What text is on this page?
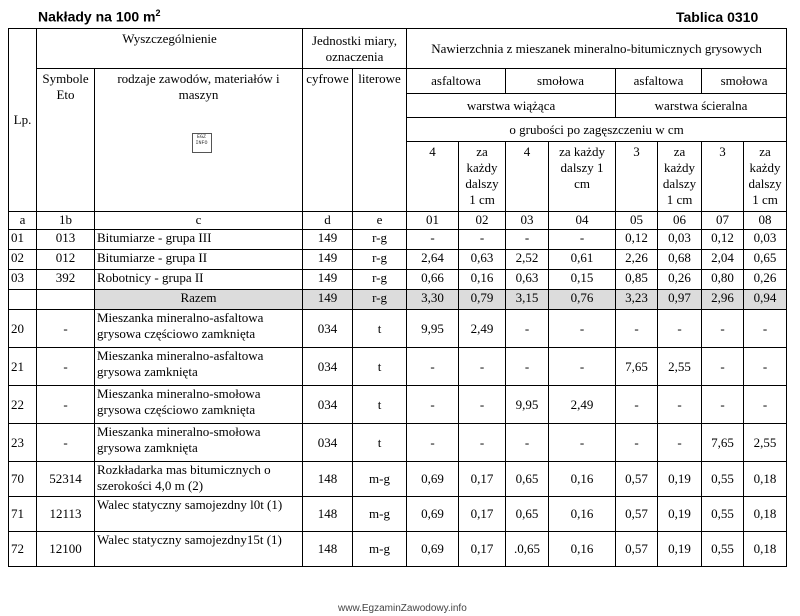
Nakłady na 100 $m^2$	Tablica 0310
Lp.	Wyszczególnienie		Jednostki miary, oznaczenia		Nawierzchnia z mieszanek mineralno-bitumicznych grysowych							
	Symbole Eto	rodzaje zawodów, materiałów i maszyn
EGZ INFO	cyfrowe	literowe	asfaltowa		smołowa		asfaltowa		smołowa	
					warstwa wiążąca				warstwa ścieralna			
					o grubości po zagęszczeniu w cm							
					4	za każdy dalszy 1 cm	4	za każdy dalszy 1 cm	3	za każdy dalszy 1 cm	3	za każdy dalszy 1 cm
a	1b	c	d	e	01	02	03	04	05	06	07	08
01	013	Bitumiarze - grupa III	149	r-g	-	-	-	-	0,12	0,03	0,12	0,03
02	012	Bitumiarze - grupa II	149	r-g	2,64	0,63	2,52	0,61	2,26	0,68	2,04	0,65
03	392	Robotnicy - grupa II	149	r-g	0,66	0,16	0,63	0,15	0,85	0,26	0,80	0,26
		Razem	149	r-g	3,30	0,79	3,15	0,76	3,23	0,97	2,96	0,94
20	-	Mieszanka mineralno-asfaltowa grysowa częściowo zamknięta	034	t	9,95	2,49	-	-	-	-	-	-
21	-	Mieszanka mineralno-asfaltowa grysowa zamknięta	034	t	-	-	-	-	7,65	2,55	-	-
22	-	Mieszanka mineralno-smołowa grysowa częściowo zamknięta	034	t	-	-	9,95	2,49	-	-	-	-
23	-	Mieszanka mineralno-smołowa grysowa zamknięta	034	t	-	-	-	-	-	-	7,65	2,55
70	52314	Rozkładarka mas bitumicznych o szerokości 4,0 m (2)	148	m-g	0,69	0,17	0,65	0,16	0,57	0,19	0,55	0,18
71	12113	Walec statyczny samojezdny l0t (1)	148	m-g	0,69	0,17	0,65	0,16	0,57	0,19	0,55	0,18
72	12100	Walec statyczny samojezdny15t (1)	148	m-g	0,69	0,17	.0,65	0,16	0,57	0,19	0,55	0,18
www.EgzaminZawodowy.info
